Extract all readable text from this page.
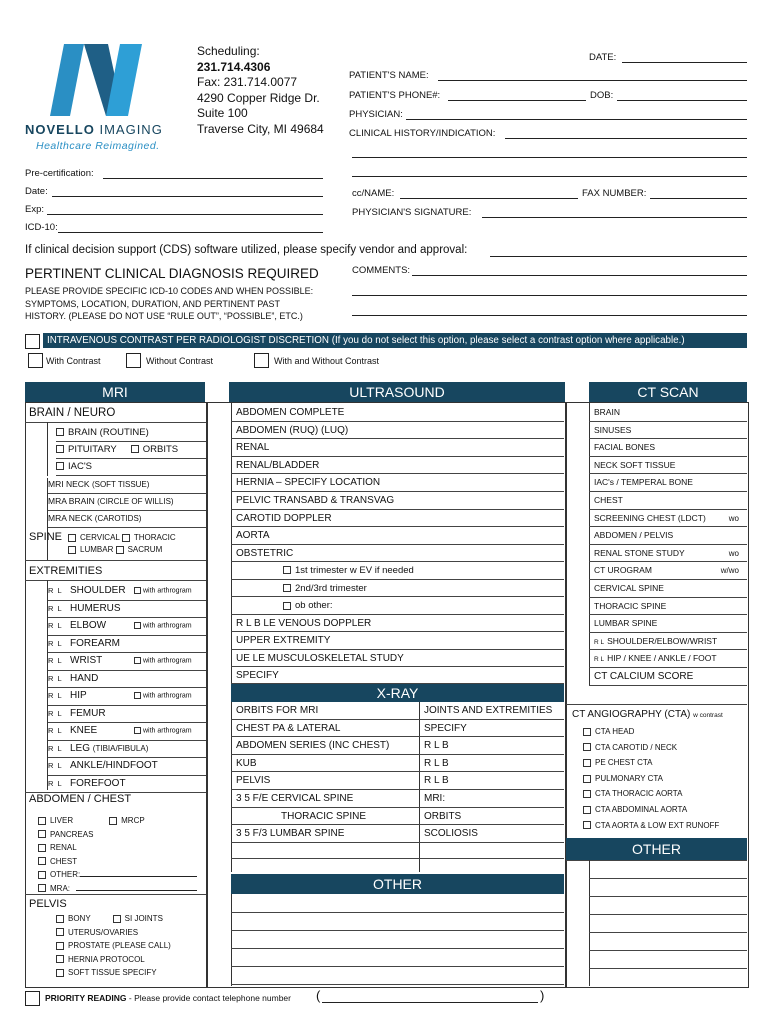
NOVELLO IMAGING
Healthcare Reimagined.
Scheduling:
231.714.4306
Fax: 231.714.0077
4290 Copper Ridge Dr.
Suite 100
Traverse City, MI 49684
DATE:
PATIENT'S NAME:
PATIENT'S PHONE#:	DOB:
PHYSICIAN:
CLINICAL HISTORY/INDICATION:
Pre-certification:
Date:
Exp:
ICD-10:
cc/NAME:	FAX NUMBER:
PHYSICIAN'S SIGNATURE:
If clinical decision support (CDS) software utilized, please specify vendor and approval:
PERTINENT CLINICAL DIAGNOSIS REQUIRED
PLEASE PROVIDE SPECIFIC ICD-10 CODES AND WHEN POSSIBLE:
SYMPTOMS, LOCATION, DURATION, AND PERTINENT PAST
HISTORY. (PLEASE DO NOT USE “RULE OUT”, “POSSIBLE”, ETC.)
COMMENTS:
INTRAVENOUS CONTRAST PER RADIOLOGIST DISCRETION (If you do not select this option, please select a contrast option where applicable.)
With Contrast	Without Contrast	With and Without Contrast
MRI	ULTRASOUND	CT SCAN
BRAIN / NEURO
BRAIN (ROUTINE)
PITUITARY	ORBITS
IAC'S
MRI NECK (SOFT TISSUE)
MRA BRAIN (CIRCLE OF WILLIS)
MRA NECK (CAROTIDS)
SPINE	CERVICAL THORACIC
LUMBAR SACRUM
EXTREMITIES
ABDOMEN / CHEST
LIVER	MRCP
PANCREAS
RENAL
CHEST
OTHER:
MRA:
PELVIS
BONY	SI JOINTS
UTERUS/OVARIES
PROSTATE (PLEASE CALL)
HERNIA PROTOCOL
SOFT TISSUE SPECIFY
X-RAY
OTHER
CT ANGIOGRAPHY (CTA) w contrast
CTA HEAD
CTA CAROTID / NECK
PE CHEST CTA
PULMONARY CTA
CTA THORACIC AORTA
CTA ABDOMINAL AORTA
CTA AORTA & LOW EXT RUNOFF
OTHER
PRIORITY READING - Please provide contact telephone number (	)
R L SHOULDER	with arthrogram
R L HUMERUS
R L ELBOW	with arthrogram
R L FOREARM
R L WRIST	with arthrogram
R L HAND
R L HIP	with arthrogram
R L FEMUR
R L KNEE	with arthrogram
R L LEG (TIBIA/FIBULA)
R L ANKLE/HINDFOOT
R L FOREFOOT
ABDOMEN COMPLETE
ABDOMEN (RUQ) (LUQ)
RENAL
RENAL/BLADDER
HERNIA – SPECIFY LOCATION
PELVIC TRANSABD & TRANSVAG
CAROTID DOPPLER
AORTA
OBSTETRIC
1st trimester w EV if needed
2nd/3rd trimester
ob other:
R L B LE VENOUS DOPPLER
UPPER EXTREMITY
UE LE MUSCULOSKELETAL STUDY
SPECIFY
ORBITS FOR MRI	JOINTS AND EXTREMITIES
CHEST PA & LATERAL	SPECIFY
ABDOMEN SERIES (INC CHEST)	R L B
KUB	R L B
PELVIS	R L B
3 5 F/E CERVICAL SPINE	MRI:
THORACIC SPINE	ORBITS
3 5 F/3 LUMBAR SPINE	SCOLIOSIS
BRAIN
SINUSES
FACIAL BONES
NECK SOFT TISSUE
IAC's / TEMPERAL BONE
CHEST
SCREENING CHEST (LDCT)	wo
ABDOMEN / PELVIS
RENAL STONE STUDY	wo
CT UROGRAM	w/wo
CERVICAL SPINE
THORACIC SPINE
LUMBAR SPINE
R L SHOULDER/ELBOW/WRIST
R L HIP / KNEE / ANKLE / FOOT
CT CALCIUM SCORE
